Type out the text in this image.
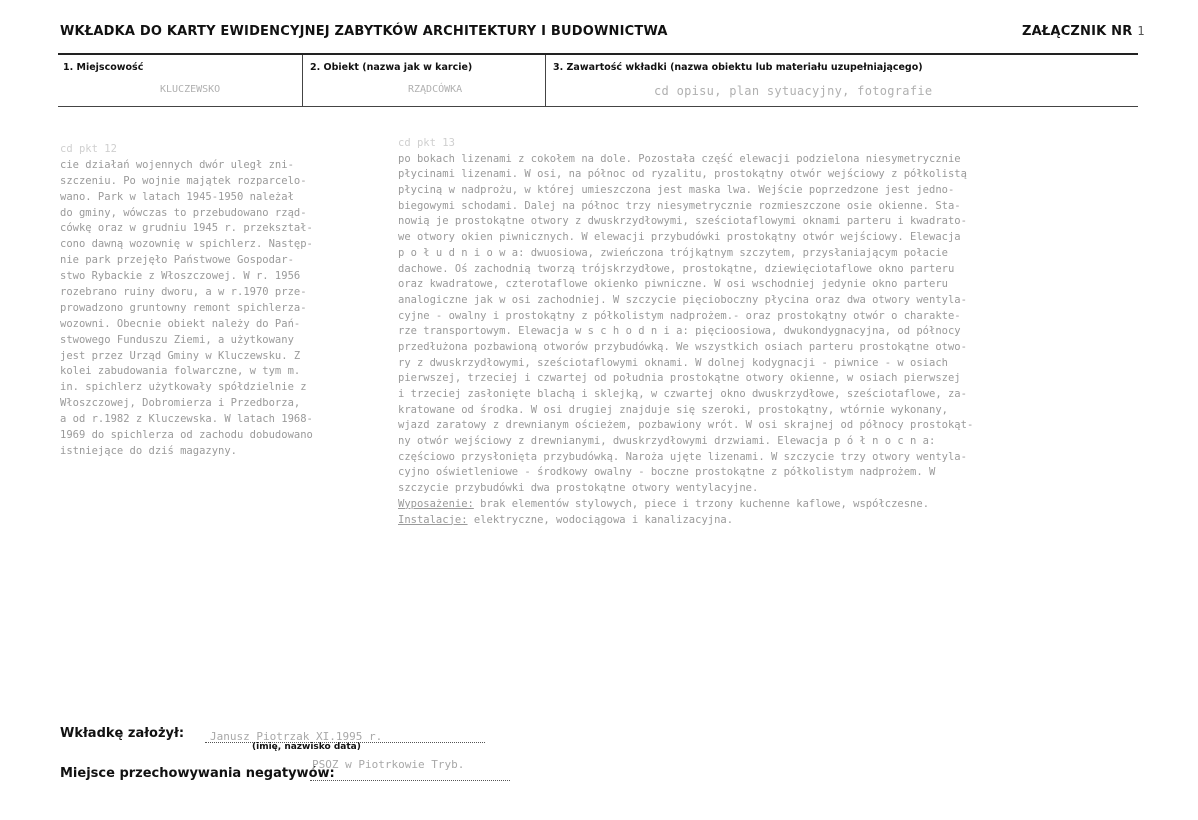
WKŁADKA DO KARTY EWIDENCYJNEJ ZABYTKÓW ARCHITEKTURY I BUDOWNICTWA	ZAŁĄCZNIK NR 1
1. Miejscowość	2. Obiekt (nazwa jak w karcie)	3. Zawartość wkładki (nazwa obiektu lub materiału uzupełniającego)
KLUCZEWSKO	RZĄDCÓWKA	cd opisu, plan sytuacyjny, fotografie
cd pkt 12
cie działań wojennych dwór uległ zni-
szczeniu. Po wojnie majątek rozparcelo-
wano. Park w latach 1945-1950 należał
do gminy, wówczas to przebudowano rząd-
cówkę oraz w grudniu 1945 r. przekształ-
cono dawną wozownię w spichlerz. Następ-
nie park przejęło Państwowe Gospodar-
stwo Rybackie z Włoszczowej. W r. 1956
rozebrano ruiny dworu, a w r.1970 prze-
prowadzono gruntowny remont spichlerza-
wozowni. Obecnie obiekt należy do Pań-
stwowego Funduszu Ziemi, a użytkowany
jest przez Urząd Gminy w Kluczewsku. Z
kolei zabudowania folwarczne, w tym m.
in. spichlerz użytkowały spółdzielnie z
Włoszczowej, Dobromierza i Przedborza,
a od r.1982 z Kluczewska. W latach 1968-
1969 do spichlerza od zachodu dobudowano
istniejące do dziś magazyny.
cd pkt 13
po bokach lizenami z cokołem na dole. Pozostała część elewacji podzielona niesymetrycznie
płycinami lizenami. W osi, na północ od ryzalitu, prostokątny otwór wejściowy z półkolistą
płyciną w nadprożu, w której umieszczona jest maska lwa. Wejście poprzedzone jest jedno-
biegowymi schodami. Dalej na północ trzy niesymetrycznie rozmieszczone osie okienne. Sta-
nowią je prostokątne otwory z dwuskrzydłowymi, sześciotaflowymi oknami parteru i kwadrato-
we otwory okien piwnicznych. W elewacji przybudówki prostokątny otwór wejściowy. Elewacja
p o ł u d n i o w a: dwuosiowa, zwieńczona trójkątnym szczytem, przysłaniającym połacie
dachowe. Oś zachodnią tworzą trójskrzydłowe, prostokątne, dziewięciotaflowe okno parteru
oraz kwadratowe, czterotaflowe okienko piwniczne. W osi wschodniej jedynie okno parteru
analogiczne jak w osi zachodniej. W szczycie pięcioboczny płycina oraz dwa otwory wentyla-
cyjne - owalny i prostokątny z półkolistym nadprożem.- oraz prostokątny otwór o charakte-
rze transportowym. Elewacja w s c h o d n i a: pięcioosiowa, dwukondygnacyjna, od północy
przedłużona pozbawioną otworów przybudówką. We wszystkich osiach parteru prostokątne otwo-
ry z dwuskrzydłowymi, sześciotaflowymi oknami. W dolnej kodygnacji - piwnice - w osiach
pierwszej, trzeciej i czwartej od południa prostokątne otwory okienne, w osiach pierwszej
i trzeciej zasłonięte blachą i sklejką, w czwartej okno dwuskrzydłowe, sześciotaflowe, za-
kratowane od środka. W osi drugiej znajduje się szeroki, prostokątny, wtórnie wykonany,
wjazd zaratowy z drewnianym ościeżem, pozbawiony wrót. W osi skrajnej od północy prostokąt-
ny otwór wejściowy z drewnianymi, dwuskrzydłowymi drzwiami. Elewacja p ó ł n o c n a:
częściowo przysłonięta przybudówką. Naroża ujęte lizenami. W szczycie trzy otwory wentyla-
cyjno oświetleniowe - środkowy owalny - boczne prostokątne z półkolistym nadprożem. W
szczycie przybudówki dwa prostokątne otwory wentylacyjne.
Wyposażenie: brak elementów stylowych, piece i trzony kuchenne kaflowe, współczesne.
Instalacje: elektryczne, wodociągowa i kanalizacyjna.
Wkładkę założył: Janusz Piotrzak XI.1995 r.
(imię, nazwisko data)
Miejsce przechowywania negatywów:
PSOZ w Piotrkowie Tryb.
